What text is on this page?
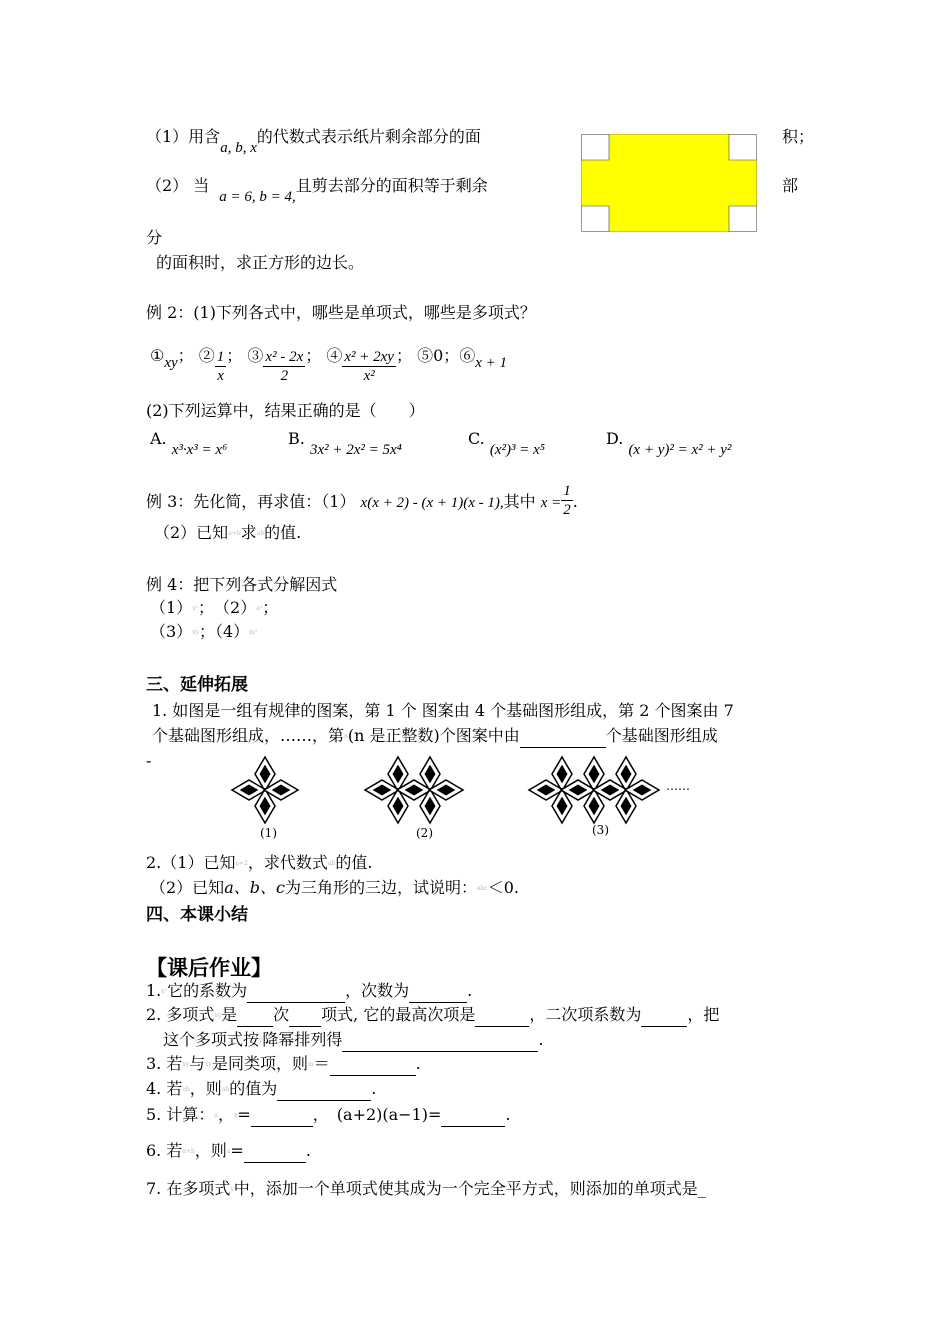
（1）用含a, b, x的代数式表示纸片剩余部分的面	积；
（2） 当a = 6, b = 4,且剪去部分的面积等于剩余	部
分
的面积时，求正方形的边长。
例 2：(1)下列各式中，哪些是单项式，哪些是多项式？
①xy； ② $\frac{1}{x}$ ； ③ $\frac{\text{x² - 2x}}{2}$ ； ④ $\frac{\text{x² + 2xy}}{\text{x²}}$ ； ⑤0；⑥x + 1
(2)下列运算中，结果正确的是（　　）
A. x³·x³ = x⁶
B. 3x² + 2x² = 5x⁴
C. (x²)³ = x⁵
D. (x + y)² = x² + y²
例 3：先化简，再求值：（1） x(x + 2) - (x + 1)(x - 1),其中 $x = \frac{1}{2}$ .
（2）已知a+b求ab的值.
例 4：把下列各式分解因式
（1）x²；　 （2）a³；
（3）xy；（4）m²
三、延伸拓展
1. 如图是一组有规律的图案，第 1 个 图案由 4 个基础图形组成，第 2 个图案由 7
个基础图形组成，……，第n(n 是正整数)个图案中由	个基础图形组成
-
(1)	(2)	(3)
……
2.（1）已知a=2，求代数式ab的值.
（2）已知a、b、c为三角形的三边，试说明：abc＜0.
四、本课小结
【课后作业】
1.x²它的系数为	，次数为	.
2. 多项式xy是 次 项式, 它的最高次项是	，二次项系数为	，把
这个多项式按y降幂排列得	.
3. 若xy与xy是同类项，则m＝	.
4. 若ab，则ab的值为	.
5. 计算：a，x=	，　 (a+2)(a−1)=	.
6. 若a+b，则a=	.
7. 在多项式x中，添加一个单项式使其成为一个完全平方式，则添加的单项式是_
